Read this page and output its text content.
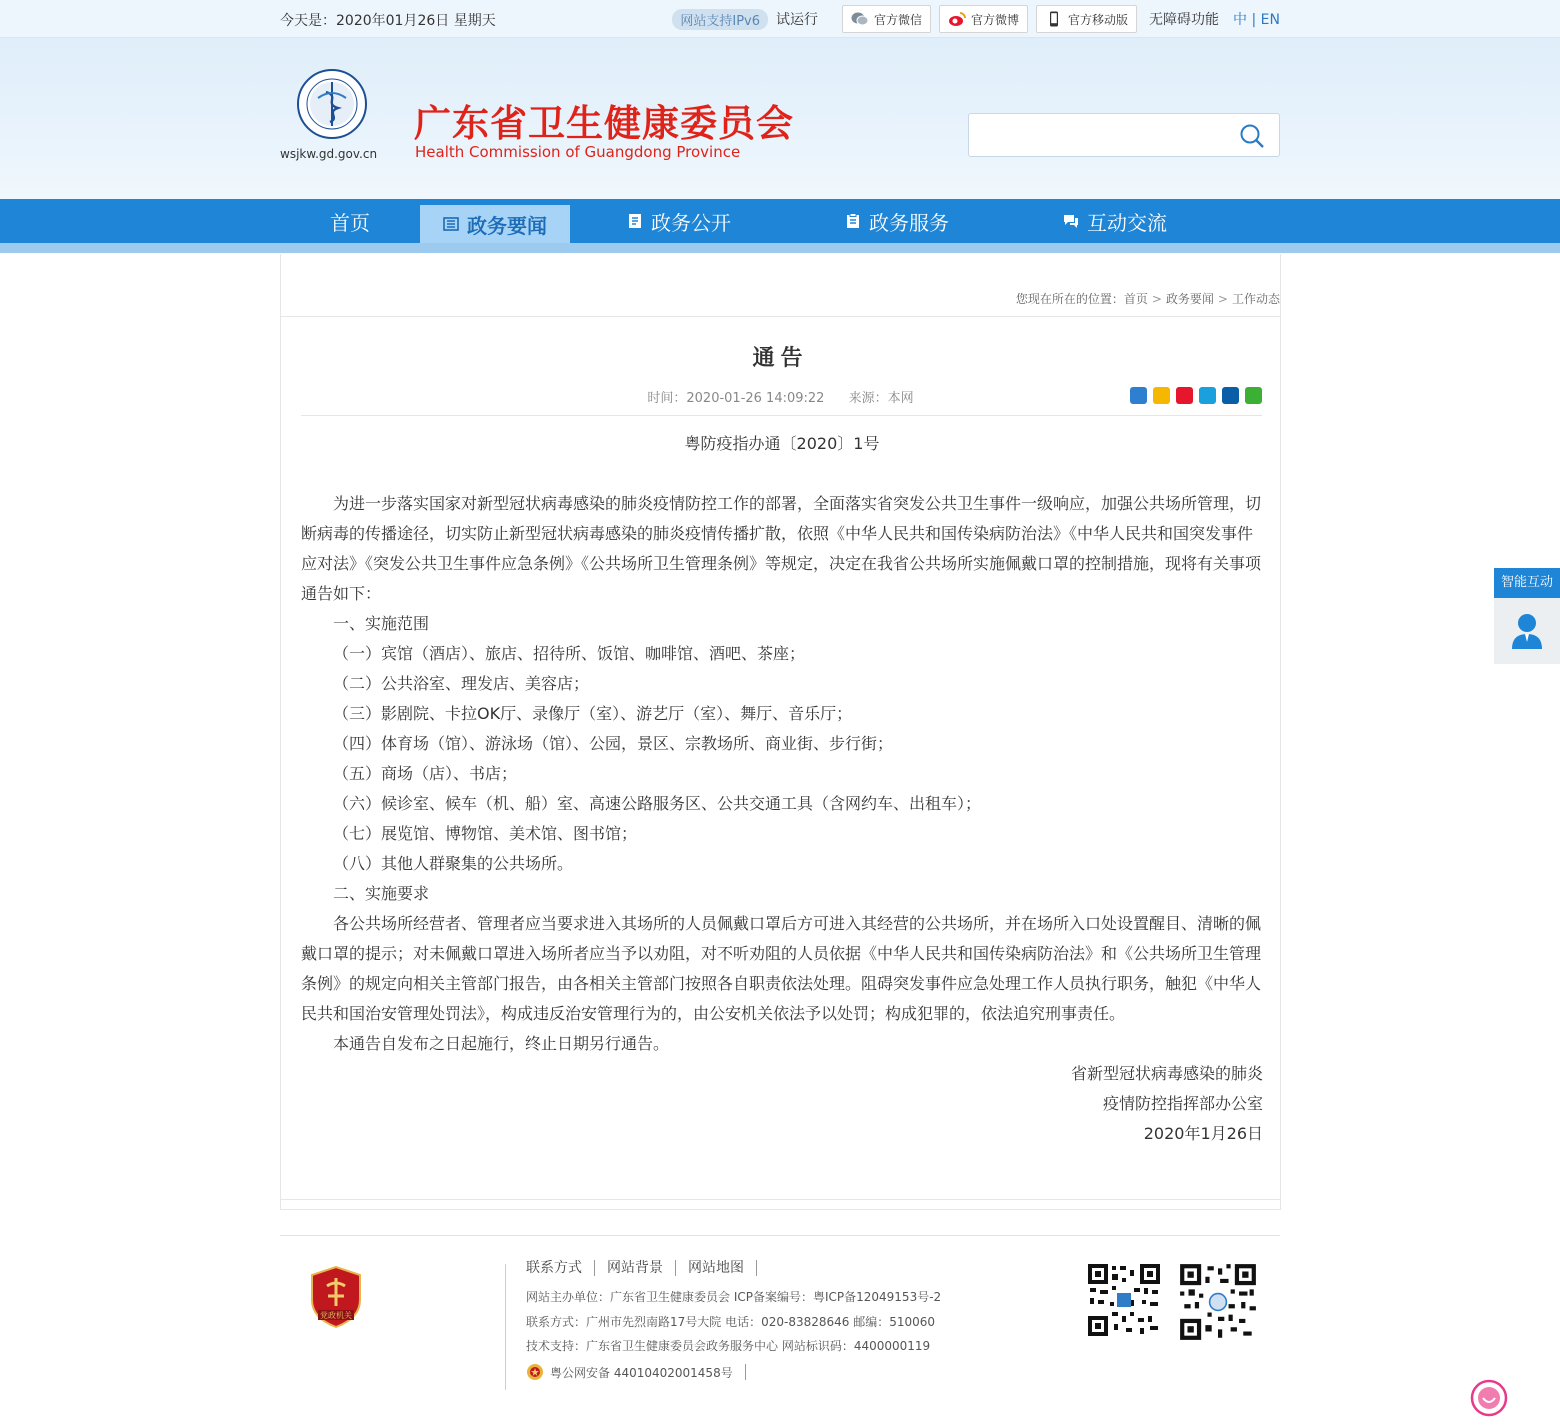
今天是：2020年01月26日 星期天	网站支持IPv6	试运行	官方微信	官方微博	官方移动版 无障碍功能 中 | EN
wsjkw.gd.gov.cn
广东省卫生健康委员会
Health Commission of Guangdong Province
首页	政务要闻	政务公开	政务服务	互动交流
您现在所在的位置：首页 > 政务要闻 > 工作动态
通告
时间：2020-01-26 14:09:22 来源：本网

粤防疫指办通〔2020〕1号

为进一步落实国家对新型冠状病毒感染的肺炎疫情防控工作的部署，全面落实省突发公共卫生事件一级响应，加强公共场所管理，切断病毒的传播途径，切实防止新型冠状病毒感染的肺炎疫情传播扩散，依照《中华人民共和国传染病防治法》《中华人民共和国突发事件应对法》《突发公共卫生事件应急条例》《公共场所卫生管理条例》等规定，决定在我省公共场所实施佩戴口罩的控制措施，现将有关事项通告如下：

一、实施范围

（一）宾馆（酒店）、旅店、招待所、饭馆、咖啡馆、酒吧、茶座；

（二）公共浴室、理发店、美容店；

（三）影剧院、卡拉OK厅、录像厅（室）、游艺厅（室）、舞厅、音乐厅；

（四）体育场（馆）、游泳场（馆）、公园，景区、宗教场所、商业街、步行街；

（五）商场（店）、书店；

（六）候诊室、候车（机、船）室、高速公路服务区、公共交通工具（含网约车、出租车）；

（七）展览馆、博物馆、美术馆、图书馆；

（八）其他人群聚集的公共场所。

二、实施要求

各公共场所经营者、管理者应当要求进入其场所的人员佩戴口罩后方可进入其经营的公共场所，并在场所入口处设置醒目、清晰的佩戴口罩的提示；对未佩戴口罩进入场所者应当予以劝阻，对不听劝阻的人员依据《中华人民共和国传染病防治法》和《公共场所卫生管理条例》的规定向相关主管部门报告，由各相关主管部门按照各自职责依法处理。阻碍突发事件应急处理工作人员执行职务，触犯《中华人民共和国治安管理处罚法》，构成违反治安管理行为的，由公安机关依法予以处罚；构成犯罪的，依法追究刑事责任。

本通告自发布之日起施行，终止日期另行通告。

省新型冠状病毒感染的肺炎

疫情防控指挥部办公室

2020年1月26日

党政机关
联系方式	网站背景	网站地图
网站主办单位：广东省卫生健康委员会 ICP备案编号：粤ICP备12049153号-2
联系方式：广州市先烈南路17号大院 电话：020-83828646 邮编：510060
技术支持：广东省卫生健康委员会政务服务中心 网站标识码：4400000119
粤公网安备 44010402001458号
智能互动
